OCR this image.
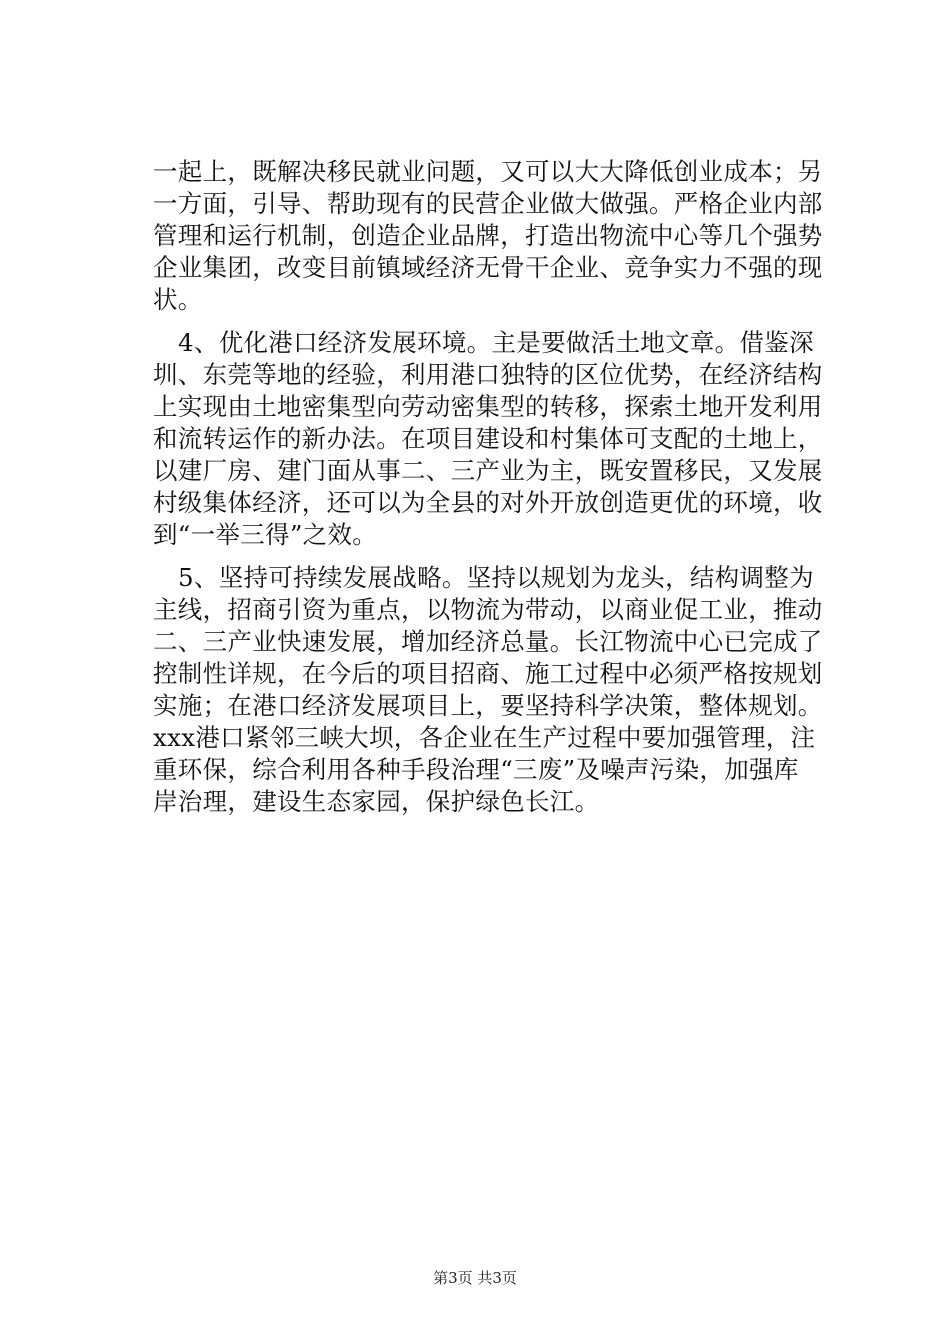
一起上，既解决移民就业问题，又可以大大降低创业成本；另
一方面，引导、帮助现有的民营企业做大做强。严格企业内部
管理和运行机制，创造企业品牌，打造出物流中心等几个强势
企业集团，改变目前镇域经济无骨干企业、竞争实力不强的现
状。
4、优化港口经济发展环境。主是要做活土地文章。借鉴深
圳、东莞等地的经验，利用港口独特的区位优势，在经济结构
上实现由土地密集型向劳动密集型的转移，探索土地开发利用
和流转运作的新办法。在项目建设和村集体可支配的土地上，
以建厂房、建门面从事二、三产业为主，既安置移民，又发展
村级集体经济，还可以为全县的对外开放创造更优的环境，收
到“一举三得”之效。
5、坚持可持续发展战略。坚持以规划为龙头，结构调整为
主线，招商引资为重点，以物流为带动，以商业促工业，推动
二、三产业快速发展，增加经济总量。长江物流中心已完成了
控制性详规，在今后的项目招商、施工过程中必须严格按规划
实施；在港口经济发展项目上，要坚持科学决策，整体规划。
xxx港口紧邻三峡大坝，各企业在生产过程中要加强管理，注
重环保，综合利用各种手段治理“三废”及噪声污染，加强库
岸治理，建设生态家园，保护绿色长江。
第3页 共3页
